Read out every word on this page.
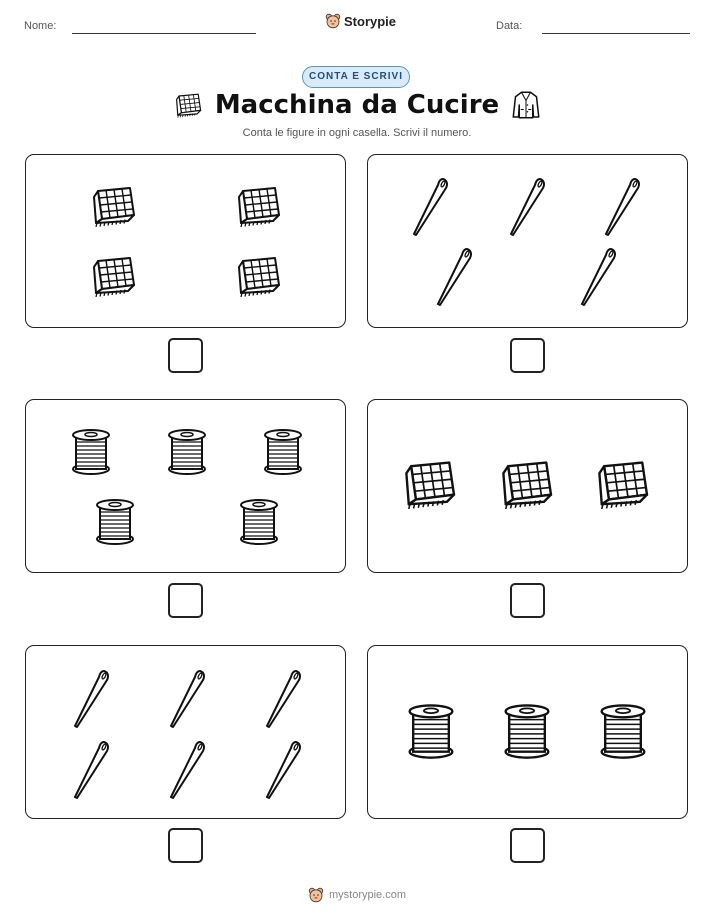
Nome:	Storypie	Data:
CONTA E SCRIVI
Macchina da Cucire
Conta le figure in ogni casella. Scrivi il numero.
mystorypie.com
